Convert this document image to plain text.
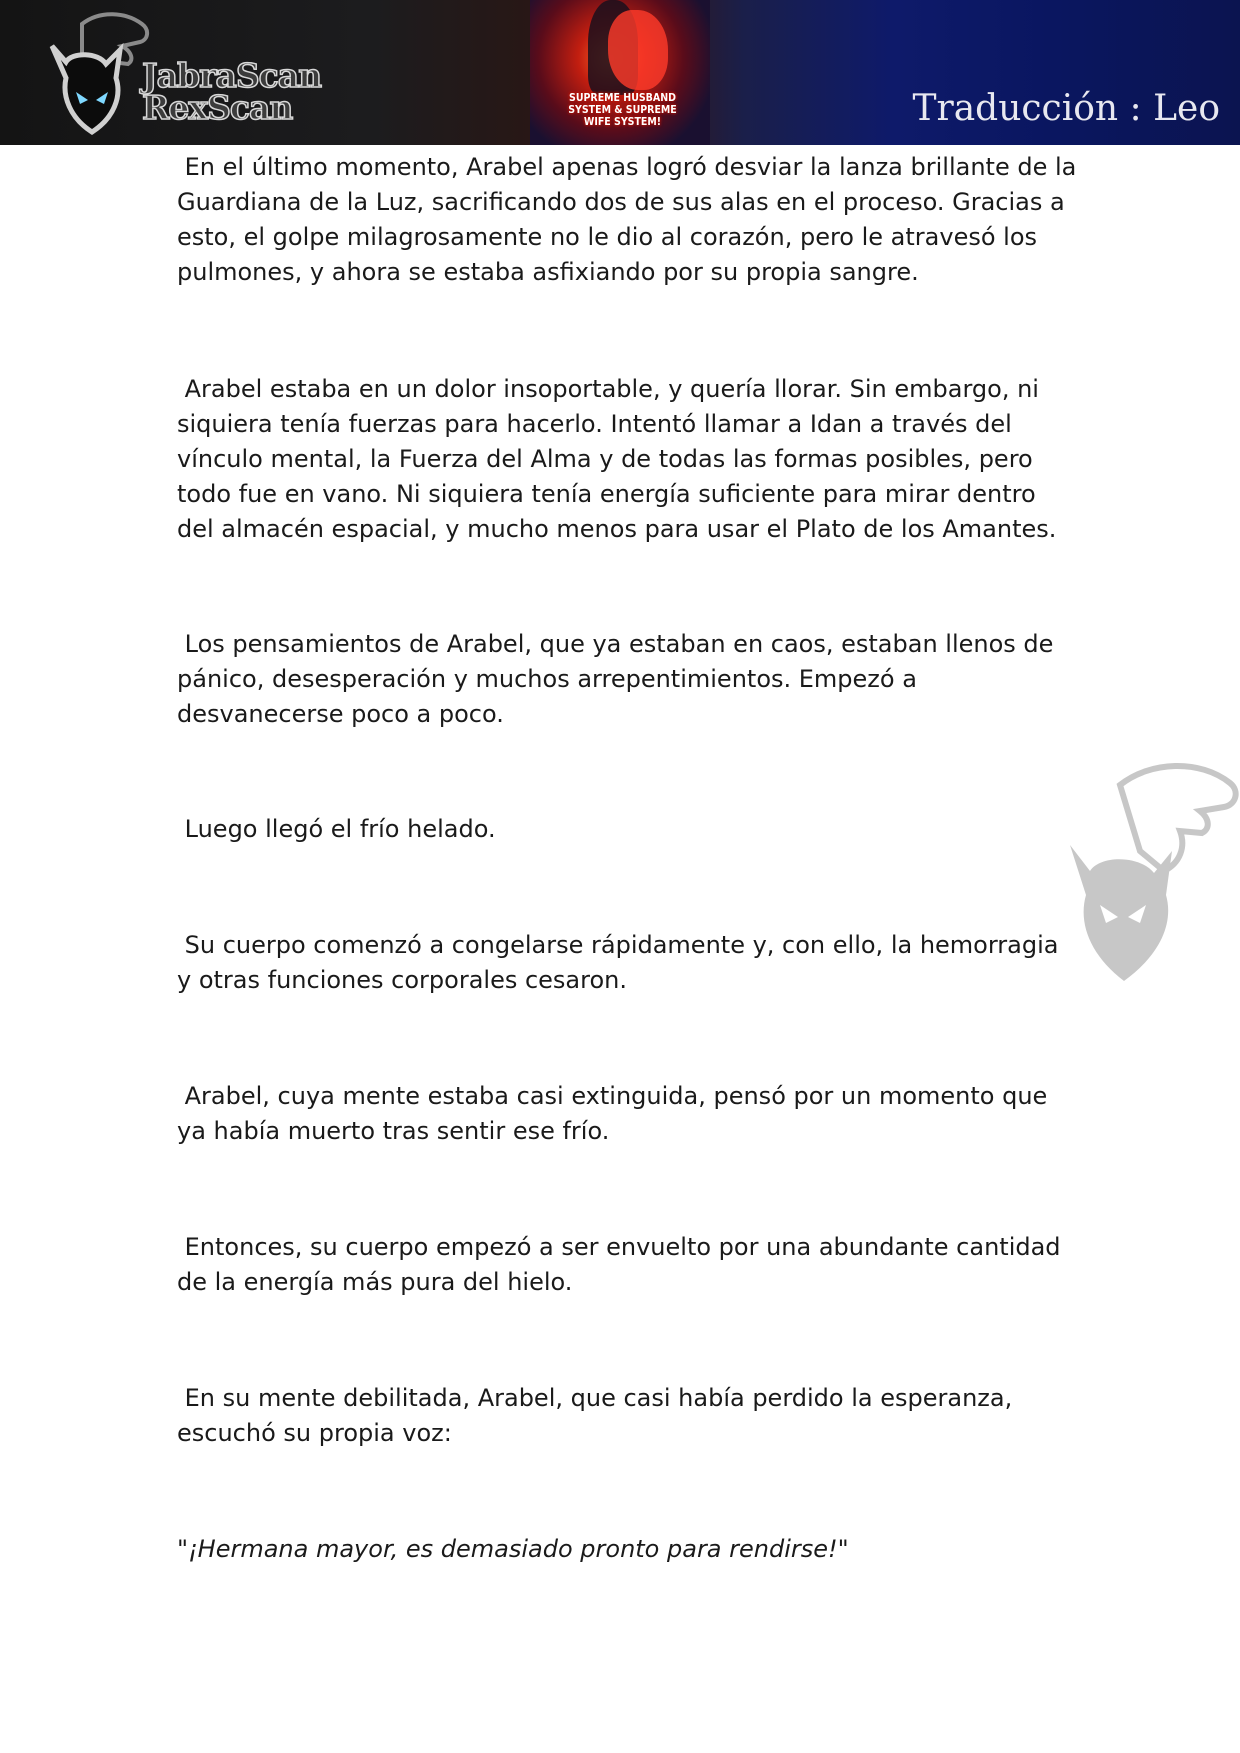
JabraScan
RexScan	SUPREME HUSBAND SYSTEM & SUPREME WIFE SYSTEM!	Traducción : Leo

En el último momento, Arabel apenas logró desviar la lanza brillante de la Guardiana de la Luz, sacrificando dos de sus alas en el proceso. Gracias a esto, el golpe milagrosamente no le dio al corazón, pero le atravesó los pulmones, y ahora se estaba asfixiando por su propia sangre.

Arabel estaba en un dolor insoportable, y quería llorar. Sin embargo, ni siquiera tenía fuerzas para hacerlo. Intentó llamar a Idan a través del vínculo mental, la Fuerza del Alma y de todas las formas posibles, pero todo fue en vano. Ni siquiera tenía energía suficiente para mirar dentro del almacén espacial, y mucho menos para usar el Plato de los Amantes.

Los pensamientos de Arabel, que ya estaban en caos, estaban llenos de pánico, desesperación y muchos arrepentimientos. Empezó a desvanecerse poco a poco.

Luego llegó el frío helado.

Su cuerpo comenzó a congelarse rápidamente y, con ello, la hemorragia y otras funciones corporales cesaron.

Arabel, cuya mente estaba casi extinguida, pensó por un momento que ya había muerto tras sentir ese frío.

Entonces, su cuerpo empezó a ser envuelto por una abundante cantidad de la energía más pura del hielo.

En su mente debilitada, Arabel, que casi había perdido la esperanza, escuchó su propia voz:

"¡Hermana mayor, es demasiado pronto para rendirse!"
